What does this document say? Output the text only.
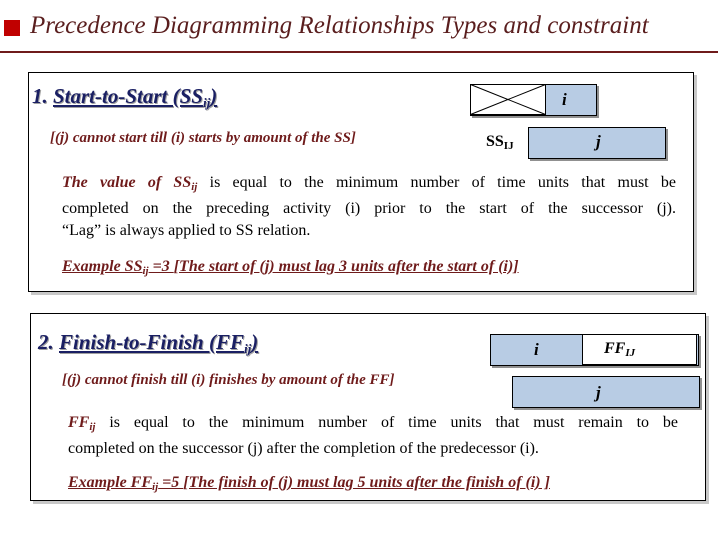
Precedence Diagramming Relationships Types and constraint
1. Start-to-Start $(SS_{ij})$
[(j) cannot start till (i) starts by amount of the SS]
i
j
SSIJ
The value of SSij is equal to the minimum number of time units that must be
completed on the preceding activity (i) prior to the start of the successor (j).
“Lag” is always applied to SS relation.
Example SSij =3 [The start of (j) must lag 3 units after the start of (i)]
2. Finish-to-Finish $(FF_{ij})$
[(j) cannot finish till (i) finishes by amount of the FF]
i	FFIJ
j
FFij is equal to the minimum number of time units that must remain to be
completed on the successor (j) after the completion of the predecessor (i).
Example FFij =5 [The finish of (j) must lag 5 units after the finish of (i) ]
